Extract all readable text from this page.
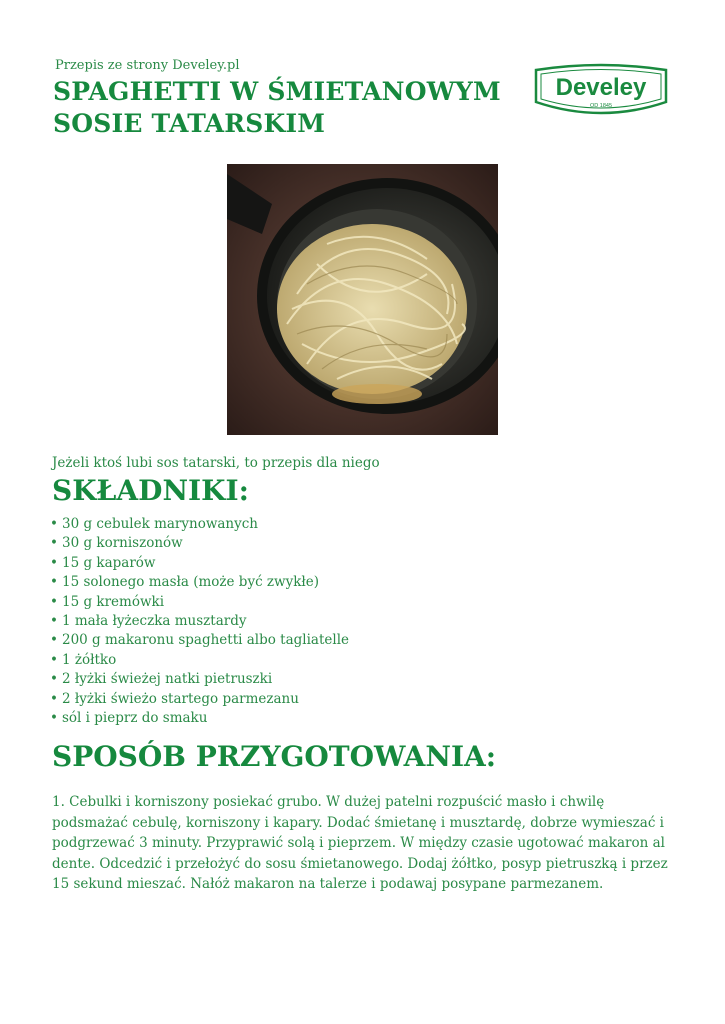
Przepis ze strony Develey.pl
SPAGHETTI W ŚMIETANOWYM SOSIE TATARSKIM
Develey
OD 1845
Jeżeli ktoś lubi sos tatarski, to przepis dla niego
SKŁADNIKI:
• 30 g cebulek marynowanych
• 30 g korniszonów
• 15 g kaparów
• 15 solonego masła (może być zwykłe)
• 15 g kremówki
• 1 mała łyżeczka musztardy
• 200 g makaronu spaghetti albo tagliatelle
• 1 żółtko
• 2 łyżki świeżej natki pietruszki
• 2 łyżki świeżo startego parmezanu
• sól i pieprz do smaku
SPOSÓB PRZYGOTOWANIA:
1. Cebulki i korniszony posiekać grubo. W dużej patelni rozpuścić masło i chwilę podsmażać cebulę, korniszony i kapary. Dodać śmietanę i musztardę, dobrze wymieszać i podgrzewać 3 minuty. Przyprawić solą i pieprzem. W między czasie ugotować makaron al dente. Odcedzić i przełożyć do sosu śmietanowego. Dodaj żółtko, posyp pietruszką i przez 15 sekund mieszać. Nałóż makaron na talerze i podawaj posypane parmezanem.
